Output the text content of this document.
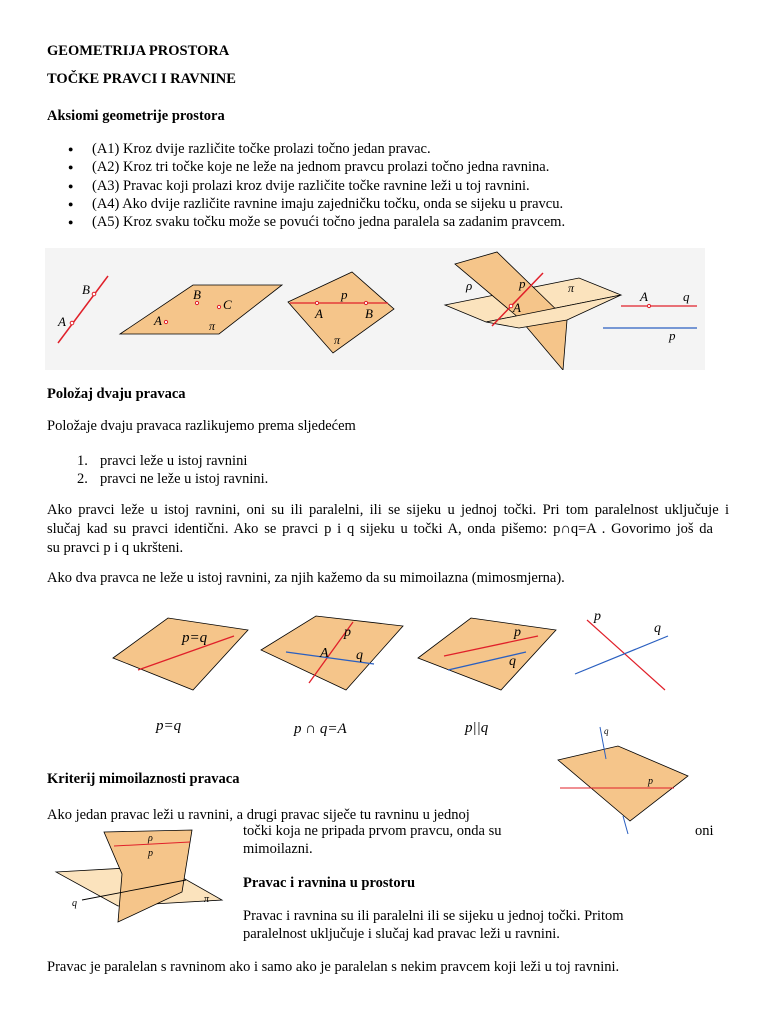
GEOMETRIJA PROSTORA
TOČKE PRAVCI I RAVNINE
Aksiomi geometrije prostora
● (A1) Kroz dvije različite točke prolazi točno jedan pravac.
● (A2) Kroz tri točke koje ne leže na jednom pravcu prolazi točno jedna ravnina.
● (A3) Pravac koji prolazi kroz dvije različite točke ravnine leži u toj ravnini.
● (A4) Ako dvije različite ravnine imaju zajedničku točku, onda se sijeku u pravcu.
● (A5) Kroz svaku točku može se povući točno jedna paralela sa zadanim pravcem.
B
A
B
C
A	π
p
A	B
π
ρ	p	π
A
A	q
p
Položaj dvaju pravaca
Položaje dvaju pravaca razlikujemo prema sljedećem
1. pravci leže u istoj ravnini
2. pravci ne leže u istoj ravnini.
Ako pravci leže u istoj ravnini, oni su ili paralelni, ili se sijeku u jednoj točki. Pri tom paralelnost uključuje i
slučaj kad su pravci identični. Ako se pravci p i q sijeku u točki A, onda pišemo: p∩q=A . Govorimo još da
su pravci p i q ukršteni.
Ako dva pravca ne leže u istoj ravnini, za njih kažemo da su mimoilazna (mimosmjerna).
p=q	p
A q
p
q
p
q
p=q	p ∩ q=A	p||q	q
p
Kriterij mimoilaznosti pravaca
Ako jedan pravac leži u ravnini, a drugi pravac siječe tu ravninu u jednoj
točki koja ne pripada prvom pravcu, onda su	oni
mimoilazni.
ρ
p
q	π
Pravac i ravnina u prostoru
Pravac i ravnina su ili paralelni ili se sijeku u jednoj točki. Pritom
paralelnost uključuje i slučaj kad pravac leži u ravnini.
Pravac je paralelan s ravninom ako i samo ako je paralelan s nekim pravcem koji leži u toj ravnini.
